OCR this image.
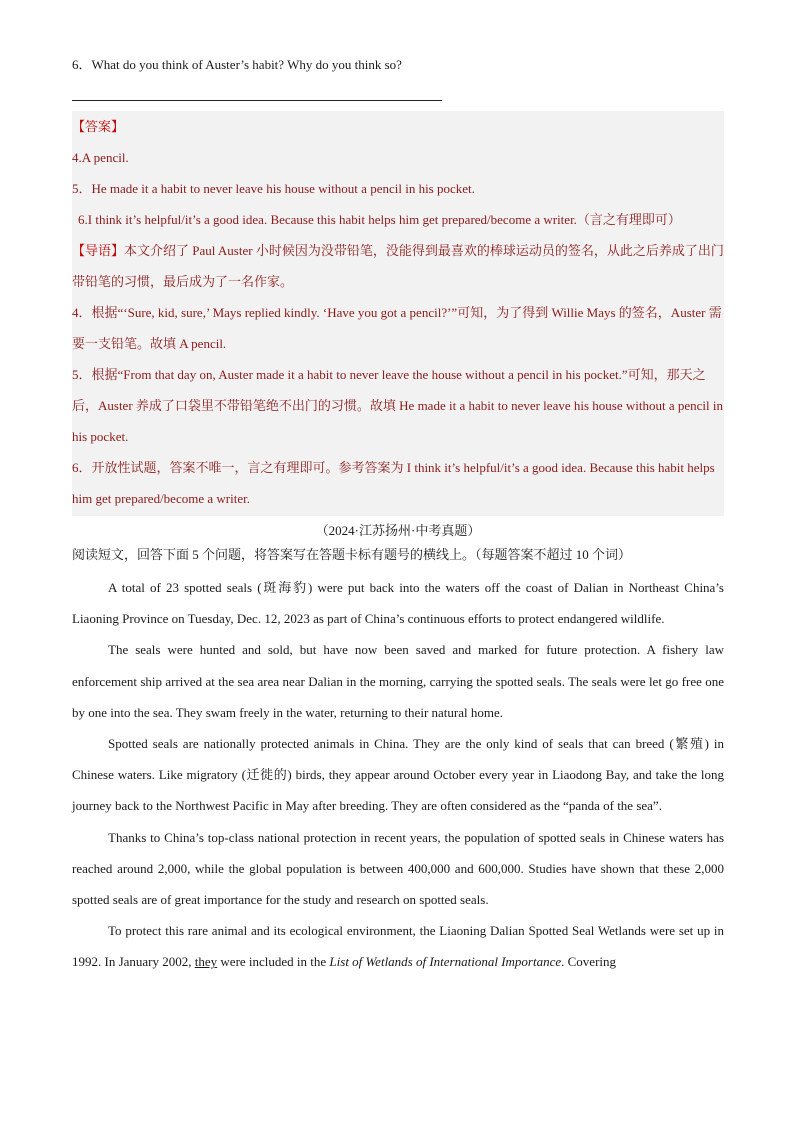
6．What do you think of Auster’s habit? Why do you think so?

【答案】

4.A pencil.

5．He made it a habit to never leave his house without a pencil in his pocket.

6.I think it’s helpful/it’s a good idea. Because this habit helps him get prepared/become a writer.（言之有理即可）

【导语】本文介绍了 Paul Auster 小时候因为没带铅笔，没能得到最喜欢的棒球运动员的签名，从此之后养成了出门带铅笔的习惯，最后成为了一名作家。

4．根据“‘Sure, kid, sure,’ Mays replied kindly. ‘Have you got a pencil?’”可知，为了得到 Willie Mays 的签名，Auster 需要一支铅笔。故填 A pencil.

5．根据“From that day on, Auster made it a habit to never leave the house without a pencil in his pocket.”可知，那天之后，Auster 养成了口袋里不带铅笔绝不出门的习惯。故填 He made it a habit to never leave his house without a pencil in his pocket.

6．开放性试题，答案不唯一，言之有理即可。参考答案为 I think it’s helpful/it’s a good idea. Because this habit helps him get prepared/become a writer.

（2024·江苏扬州·中考真题）

阅读短文，回答下面 5 个问题，将答案写在答题卡标有题号的横线上。（每题答案不超过 10 个词）

A total of 23 spotted seals (斑海豹) were put back into the waters off the coast of Dalian in Northeast China’s Liaoning Province on Tuesday, Dec. 12, 2023 as part of China’s continuous efforts to protect endangered wildlife.

The seals were hunted and sold, but have now been saved and marked for future protection. A fishery law enforcement ship arrived at the sea area near Dalian in the morning, carrying the spotted seals. The seals were let go free one by one into the sea. They swam freely in the water, returning to their natural home.

Spotted seals are nationally protected animals in China. They are the only kind of seals that can breed (繁殖) in Chinese waters. Like migratory (迁徙的) birds, they appear around October every year in Liaodong Bay, and take the long journey back to the Northwest Pacific in May after breeding. They are often considered as the “panda of the sea”.

Thanks to China’s top-class national protection in recent years, the population of spotted seals in Chinese waters has reached around 2,000, while the global population is between 400,000 and 600,000. Studies have shown that these 2,000 spotted seals are of great importance for the study and research on spotted seals.

To protect this rare animal and its ecological environment, the Liaoning Dalian Spotted Seal Wetlands were set up in 1992. In January 2002, they were included in the List of Wetlands of International Importance. Covering
